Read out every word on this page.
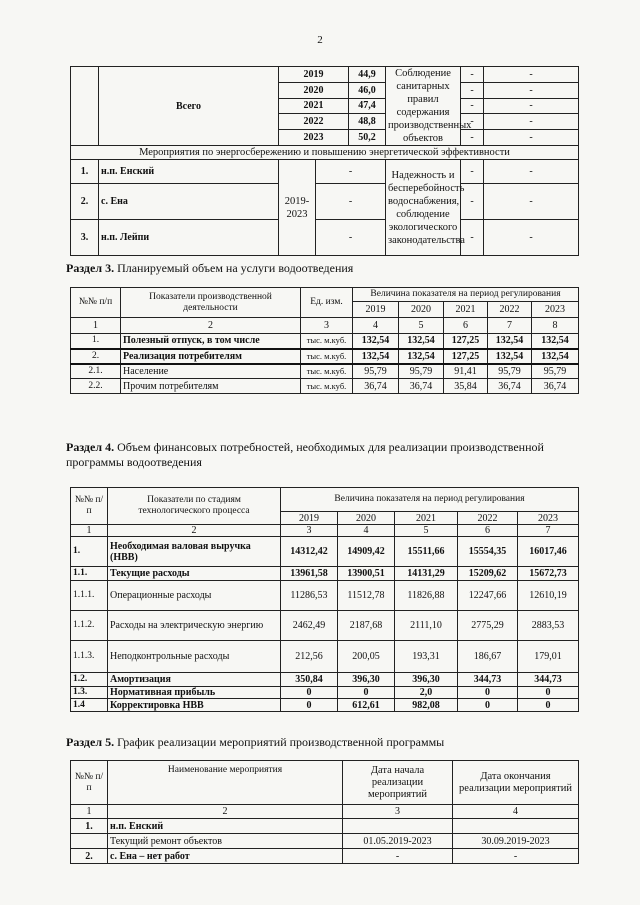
2
	Всего	2019		44,9	Соблюдение санитарных правил содержания производственных объектов	-	-
		2020		46,0		-	-
		2021		47,4		-	-
		2022		48,8		-	-
		2023		50,2		-	-
Мероприятия по энергосбережению и повышению энергетической эффективности							
1.	н.п. Енский	2019-2023	-		Надежность и бесперебойность водоснабжения, соблюдение экологического законодательства	-	-
2.	с. Ена		-			-	-
3.	н.п. Лейпи		-			-	-
Раздел 3. Планируемый объем на услуги водоотведения
№№ п/п	Показатели производственной деятельности	Ед. изм.	Величина показателя на период регулирования				
			2019	2020	2021	2022	2023
1	2	3	4	5	6	7	8
1.	Полезный отпуск, в том числе	тыс. м.куб.	132,54	132,54	127,25	132,54	132,54
2.	Реализация потребителям	тыс. м.куб.	132,54	132,54	127,25	132,54	132,54
2.1.	Население	тыс. м.куб.	95,79	95,79	91,41	95,79	95,79
2.2.	Прочим потребителям	тыс. м.куб.	36,74	36,74	35,84	36,74	36,74
Раздел 4. Объем финансовых потребностей, необходимых для реализации производственной программы водоотведения
№№ п/п	Показатели по стадиям технологического процесса	Величина показателя на период регулирования				
		2019	2020	2021	2022	2023
1	2	3	4	5	6	7
1.	Необходимая валовая выручка (НВВ)	14312,42	14909,42	15511,66	15554,35	16017,46
1.1.	Текущие расходы	13961,58	13900,51	14131,29	15209,62	15672,73
1.1.1.	Операционные расходы	11286,53	11512,78	11826,88	12247,66	12610,19
1.1.2.	Расходы на электрическую энергию	2462,49	2187,68	2111,10	2775,29	2883,53
1.1.3.	Неподконтрольные расходы	212,56	200,05	193,31	186,67	179,01
1.2.	Амортизация	350,84	396,30	396,30	344,73	344,73
1.3.	Нормативная прибыль	0	0	2,0	0	0
1.4	Корректировка НВВ	0	612,61	982,08	0	0
Раздел 5. График реализации мероприятий производственной программы
№№ п/п	Наименование мероприятия	Дата начала реализации мероприятий	Дата окончания реализации мероприятий
1	2	3	4
1.	н.п. Енский		
	Текущий ремонт объектов	01.05.2019-2023	30.09.2019-2023
2.	с. Ена – нет работ	-	-
